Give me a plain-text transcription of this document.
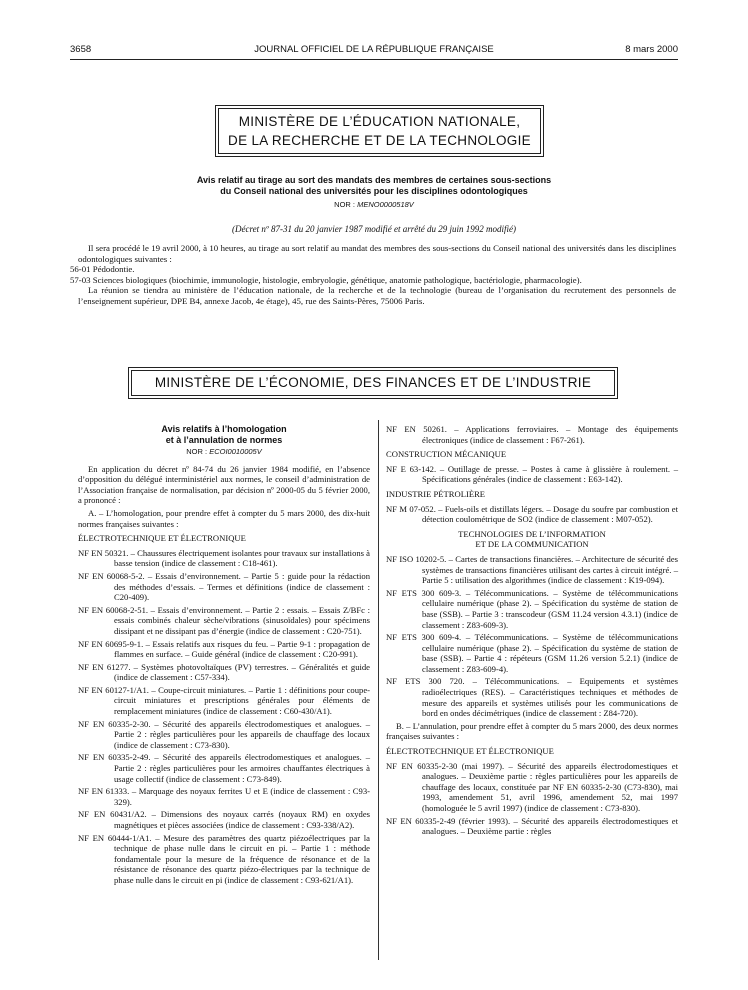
3658	JOURNAL OFFICIEL DE LA RÉPUBLIQUE FRANÇAISE	8 mars 2000
MINISTÈRE DE L’ÉDUCATION NATIONALE,
DE LA RECHERCHE ET DE LA TECHNOLOGIE
Avis relatif au tirage au sort des mandats des membres de certaines sous-sections
du Conseil national des universités pour les disciplines odontologiques
NOR : MENO0000518V
(Décret nº 87-31 du 20 janvier 1987 modifié et arrêté du 29 juin 1992 modifié)
Il sera procédé le 19 avril 2000, à 10 heures, au tirage au sort relatif au mandat des membres des sous-sections du Conseil national des universités dans les disciplines odontologiques suivantes :
56-01 Pédodontie.
57-03 Sciences biologiques (biochimie, immunologie, histologie, embryologie, génétique, anatomie pathologique, bactériologie, pharmacologie).
La réunion se tiendra au ministère de l’éducation nationale, de la recherche et de la technologie (bureau de l’organisation du recrutement des personnels de l’enseignement supérieur, DPE B4, annexe Jacob, 4e étage), 45, rue des Saints-Pères, 75006 Paris.
MINISTÈRE DE L’ÉCONOMIE, DES FINANCES ET DE L’INDUSTRIE
Avis relatifs à l’homologation
et à l’annulation de normes
NOR : ECOI0010005V

En application du décret nº 84-74 du 26 janvier 1984 modifié, en l’absence d’opposition du délégué interministériel aux normes, le conseil d’administration de l’Association française de normalisation, par décision nº 2000-05 du 5 février 2000, a prononcé :

A. – L’homologation, pour prendre effet à compter du 5 mars 2000, des dix-huit normes françaises suivantes :

ÉLECTROTECHNIQUE ET ÉLECTRONIQUE

NF EN 50321. – Chaussures électriquement isolantes pour travaux sur installations à basse tension (indice de classement : C18-461).

NF EN 60068-5-2. – Essais d’environnement. – Partie 5 : guide pour la rédaction des méthodes d’essais. – Termes et définitions (indice de classement : C20-409).

NF EN 60068-2-51. – Essais d’environnement. – Partie 2 : essais. – Essais Z/BFc : essais combinés chaleur sèche/vibrations (sinusoïdales) pour spécimens dissipant et ne dissipant pas d’énergie (indice de classement : C20-751).

NF EN 60695-9-1. – Essais relatifs aux risques du feu. – Partie 9-1 : propagation de flammes en surface. – Guide général (indice de classement : C20-991).

NF EN 61277. – Systèmes photovoltaïques (PV) terrestres. – Généralités et guide (indice de classement : C57-334).

NF EN 60127-1/A1. – Coupe-circuit miniatures. – Partie 1 : définitions pour coupe-circuit miniatures et prescriptions générales pour éléments de remplacement miniatures (indice de classement : C60-430/A1).

NF EN 60335-2-30. – Sécurité des appareils électrodomestiques et analogues. – Partie 2 : règles particulières pour les appareils de chauffage des locaux (indice de classement : C73-830).

NF EN 60335-2-49. – Sécurité des appareils électrodomestiques et analogues. – Partie 2 : règles particulières pour les armoires chauffantes électriques à usage collectif (indice de classement : C73-849).

NF EN 61333. – Marquage des noyaux ferrites U et E (indice de classement : C93-329).

NF EN 60431/A2. – Dimensions des noyaux carrés (noyaux RM) en oxydes magnétiques et pièces associées (indice de classement : C93-338/A2).

NF EN 60444-1/A1. – Mesure des paramètres des quartz piézoélectriques par la technique de phase nulle dans le circuit en pi. – Partie 1 : méthode fondamentale pour la mesure de la fréquence de résonance et de la résistance de résonance des quartz piézo-électriques par la technique de phase nulle dans le circuit en pi (indice de classement : C93-621/A1).

NF EN 50261. – Applications ferroviaires. – Montage des équipements électroniques (indice de classement : F67-261).

CONSTRUCTION MÉCANIQUE

NF E 63-142. – Outillage de presse. – Postes à came à glissière à roulement. – Spécifications générales (indice de classement : E63-142).

INDUSTRIE PÉTROLIÈRE

NF M 07-052. – Fuels-oils et distillats légers. – Dosage du soufre par combustion et détection coulométrique de SO2 (indice de classement : M07-052).

TECHNOLOGIES DE L’INFORMATION
ET DE LA COMMUNICATION

NF ISO 10202-5. – Cartes de transactions financières. – Architecture de sécurité des systèmes de transactions financières utilisant des cartes à circuit intégré. – Partie 5 : utilisation des algorithmes (indice de classement : K19-094).

NF ETS 300 609-3. – Télécommunications. – Système de télécommunications cellulaire numérique (phase 2). – Spécification du système de station de base (SSB). – Partie 3 : transcodeur (GSM 11.24 version 4.3.1) (indice de classement : Z83-609-3).

NF ETS 300 609-4. – Télécommunications. – Système de télécommunications cellulaire numérique (phase 2). – Spécification du système de station de base (SSB). – Partie 4 : répéteurs (GSM 11.26 version 5.2.1) (indice de classement : Z83-609-4).

NF ETS 300 720. – Télécommunications. – Equipements et systèmes radioélectriques (RES). – Caractéristiques techniques et méthodes de mesure des appareils et systèmes utilisés pour les communications de bord en ondes décimétriques (indice de classement : Z84-720).

B. – L’annulation, pour prendre effet à compter du 5 mars 2000, des deux normes françaises suivantes :

ÉLECTROTECHNIQUE ET ÉLECTRONIQUE

NF EN 60335-2-30 (mai 1997). – Sécurité des appareils électrodomestiques et analogues. – Deuxième partie : règles particulières pour les appareils de chauffage des locaux, constituée par NF EN 60335-2-30 (C73-830), mai 1993, amendement 51, avril 1996, amendement 52, mai 1997 (homologuée le 5 avril 1997) (indice de classement : C73-830).

NF EN 60335-2-49 (février 1993). – Sécurité des appareils électrodomestiques et analogues. – Deuxième partie : règles
